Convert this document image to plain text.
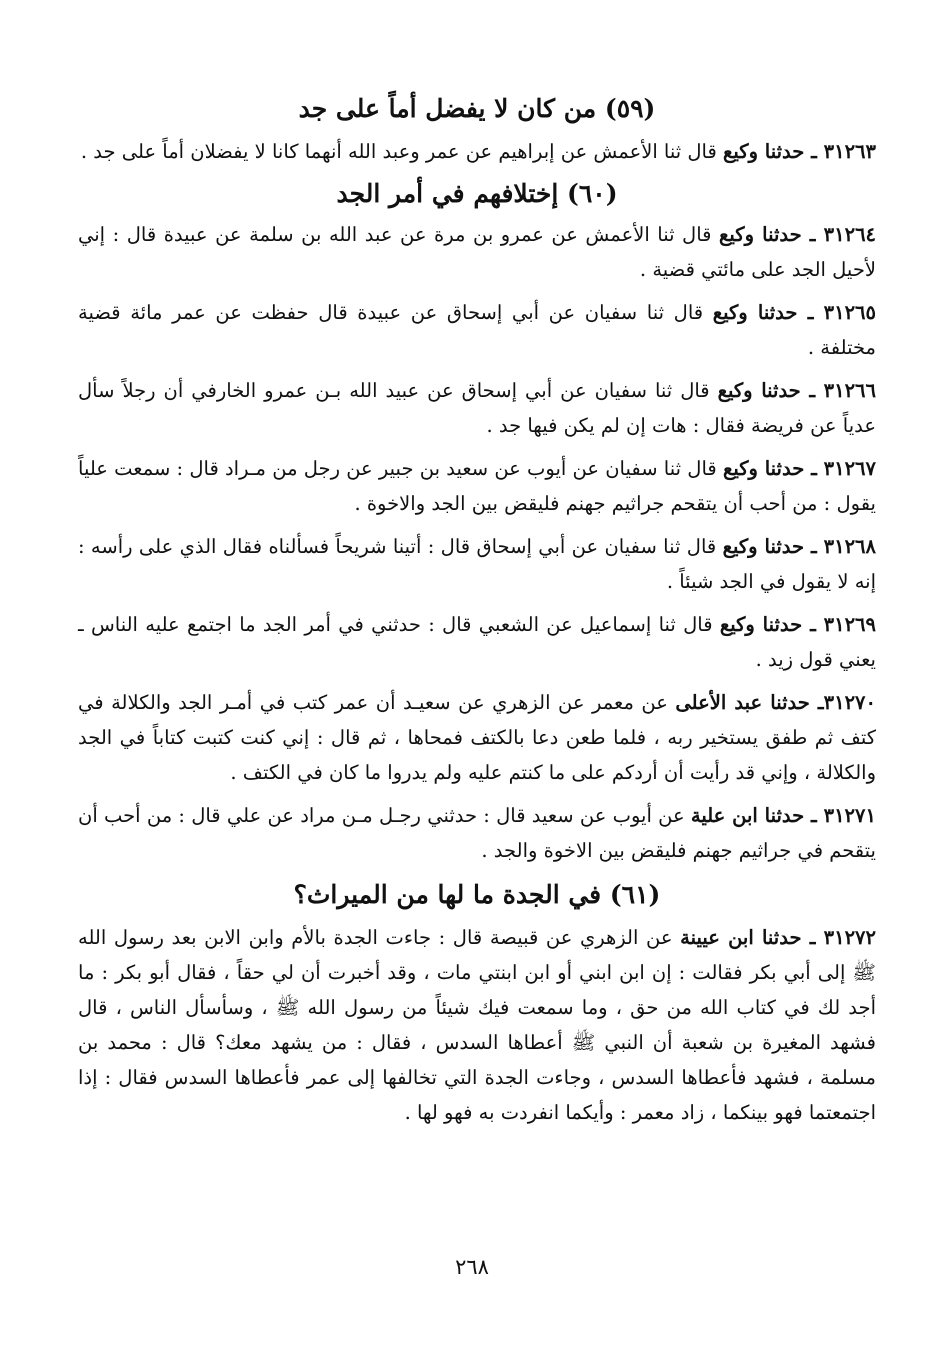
(٥٩) من كان لا يفضل أماً على جد

٣١٢٦٣ ـ حدثنا وكيع قال ثنا الأعمش عن إبراهيم عن عمر وعبد الله أنهما كانا لا يفضلان أماً على جد .

(٦٠) إختلافهم في أمر الجد

٣١٢٦٤ ـ حدثنا وكيع قال ثنا الأعمش عن عمرو بن مرة عن عبد الله بن سلمة عن عبيدة قال : إني لأحيل الجد على مائتي قضية .

٣١٢٦٥ ـ حدثنا وكيع قال ثنا سفيان عن أبي إسحاق عن عبيدة قال حفظت عن عمر مائة قضية مختلفة .

٣١٢٦٦ ـ حدثنا وكيع قال ثنا سفيان عن أبي إسحاق عن عبيد الله بـن عمرو الخارفي أن رجلاً سأل عدياً عن فريضة فقال : هات إن لم يكن فيها جد .

٣١٢٦٧ ـ حدثنا وكيع قال ثنا سفيان عن أيوب عن سعيد بن جبير عن رجل من مـراد قال : سمعت علياً يقول : من أحب أن يتقحم جراثيم جهنم فليقض بين الجد والاخوة .

٣١٢٦٨ ـ حدثنا وكيع قال ثنا سفيان عن أبي إسحاق قال : أتينا شريحاً فسألناه فقال الذي على رأسه : إنه لا يقول في الجد شيئاً .

٣١٢٦٩ ـ حدثنا وكيع قال ثنا إسماعيل عن الشعبي قال : حدثني في أمر الجد ما اجتمع عليه الناس ـ يعني قول زيد .

٣١٢٧٠ـ حدثنا عبد الأعلى عن معمر عن الزهري عن سعيـد أن عمر كتب في أمـر الجد والكلالة في كتف ثم طفق يستخير ربه ، فلما طعن دعا بالكتف فمحاها ، ثم قال : إني كنت كتبت كتاباً في الجد والكلالة ، وإني قد رأيت أن أردكم على ما كنتم عليه ولم يدروا ما كان في الكتف .

٣١٢٧١ ـ حدثنا ابن علية عن أيوب عن سعيد قال : حدثني رجـل مـن مراد عن علي قال : من أحب أن يتقحم في جراثيم جهنم فليقض بين الاخوة والجد .

(٦١) في الجدة ما لها من الميراث؟

٣١٢٧٢ ـ حدثنا ابن عيينة عن الزهري عن قبيصة قال : جاءت الجدة بالأم وابن الابن بعد رسول الله ﷺ إلى أبي بكر فقالت : إن ابن ابني أو ابن ابنتي مات ، وقد أخبرت أن لي حقاً ، فقال أبو بكر : ما أجد لك في كتاب الله من حق ، وما سمعت فيك شيئاً من رسول الله ﷺ ، وسأسأل الناس ، قال فشهد المغيرة بن شعبة أن النبي ﷺ أعطاها السدس ، فقال : من يشهد معك؟ قال : محمد بن مسلمة ، فشهد فأعطاها السدس ، وجاءت الجدة التي تخالفها إلى عمر فأعطاها السدس فقال : إذا اجتمعتما فهو بينكما ، زاد معمر : وأيكما انفردت به فهو لها .

٢٦٨
